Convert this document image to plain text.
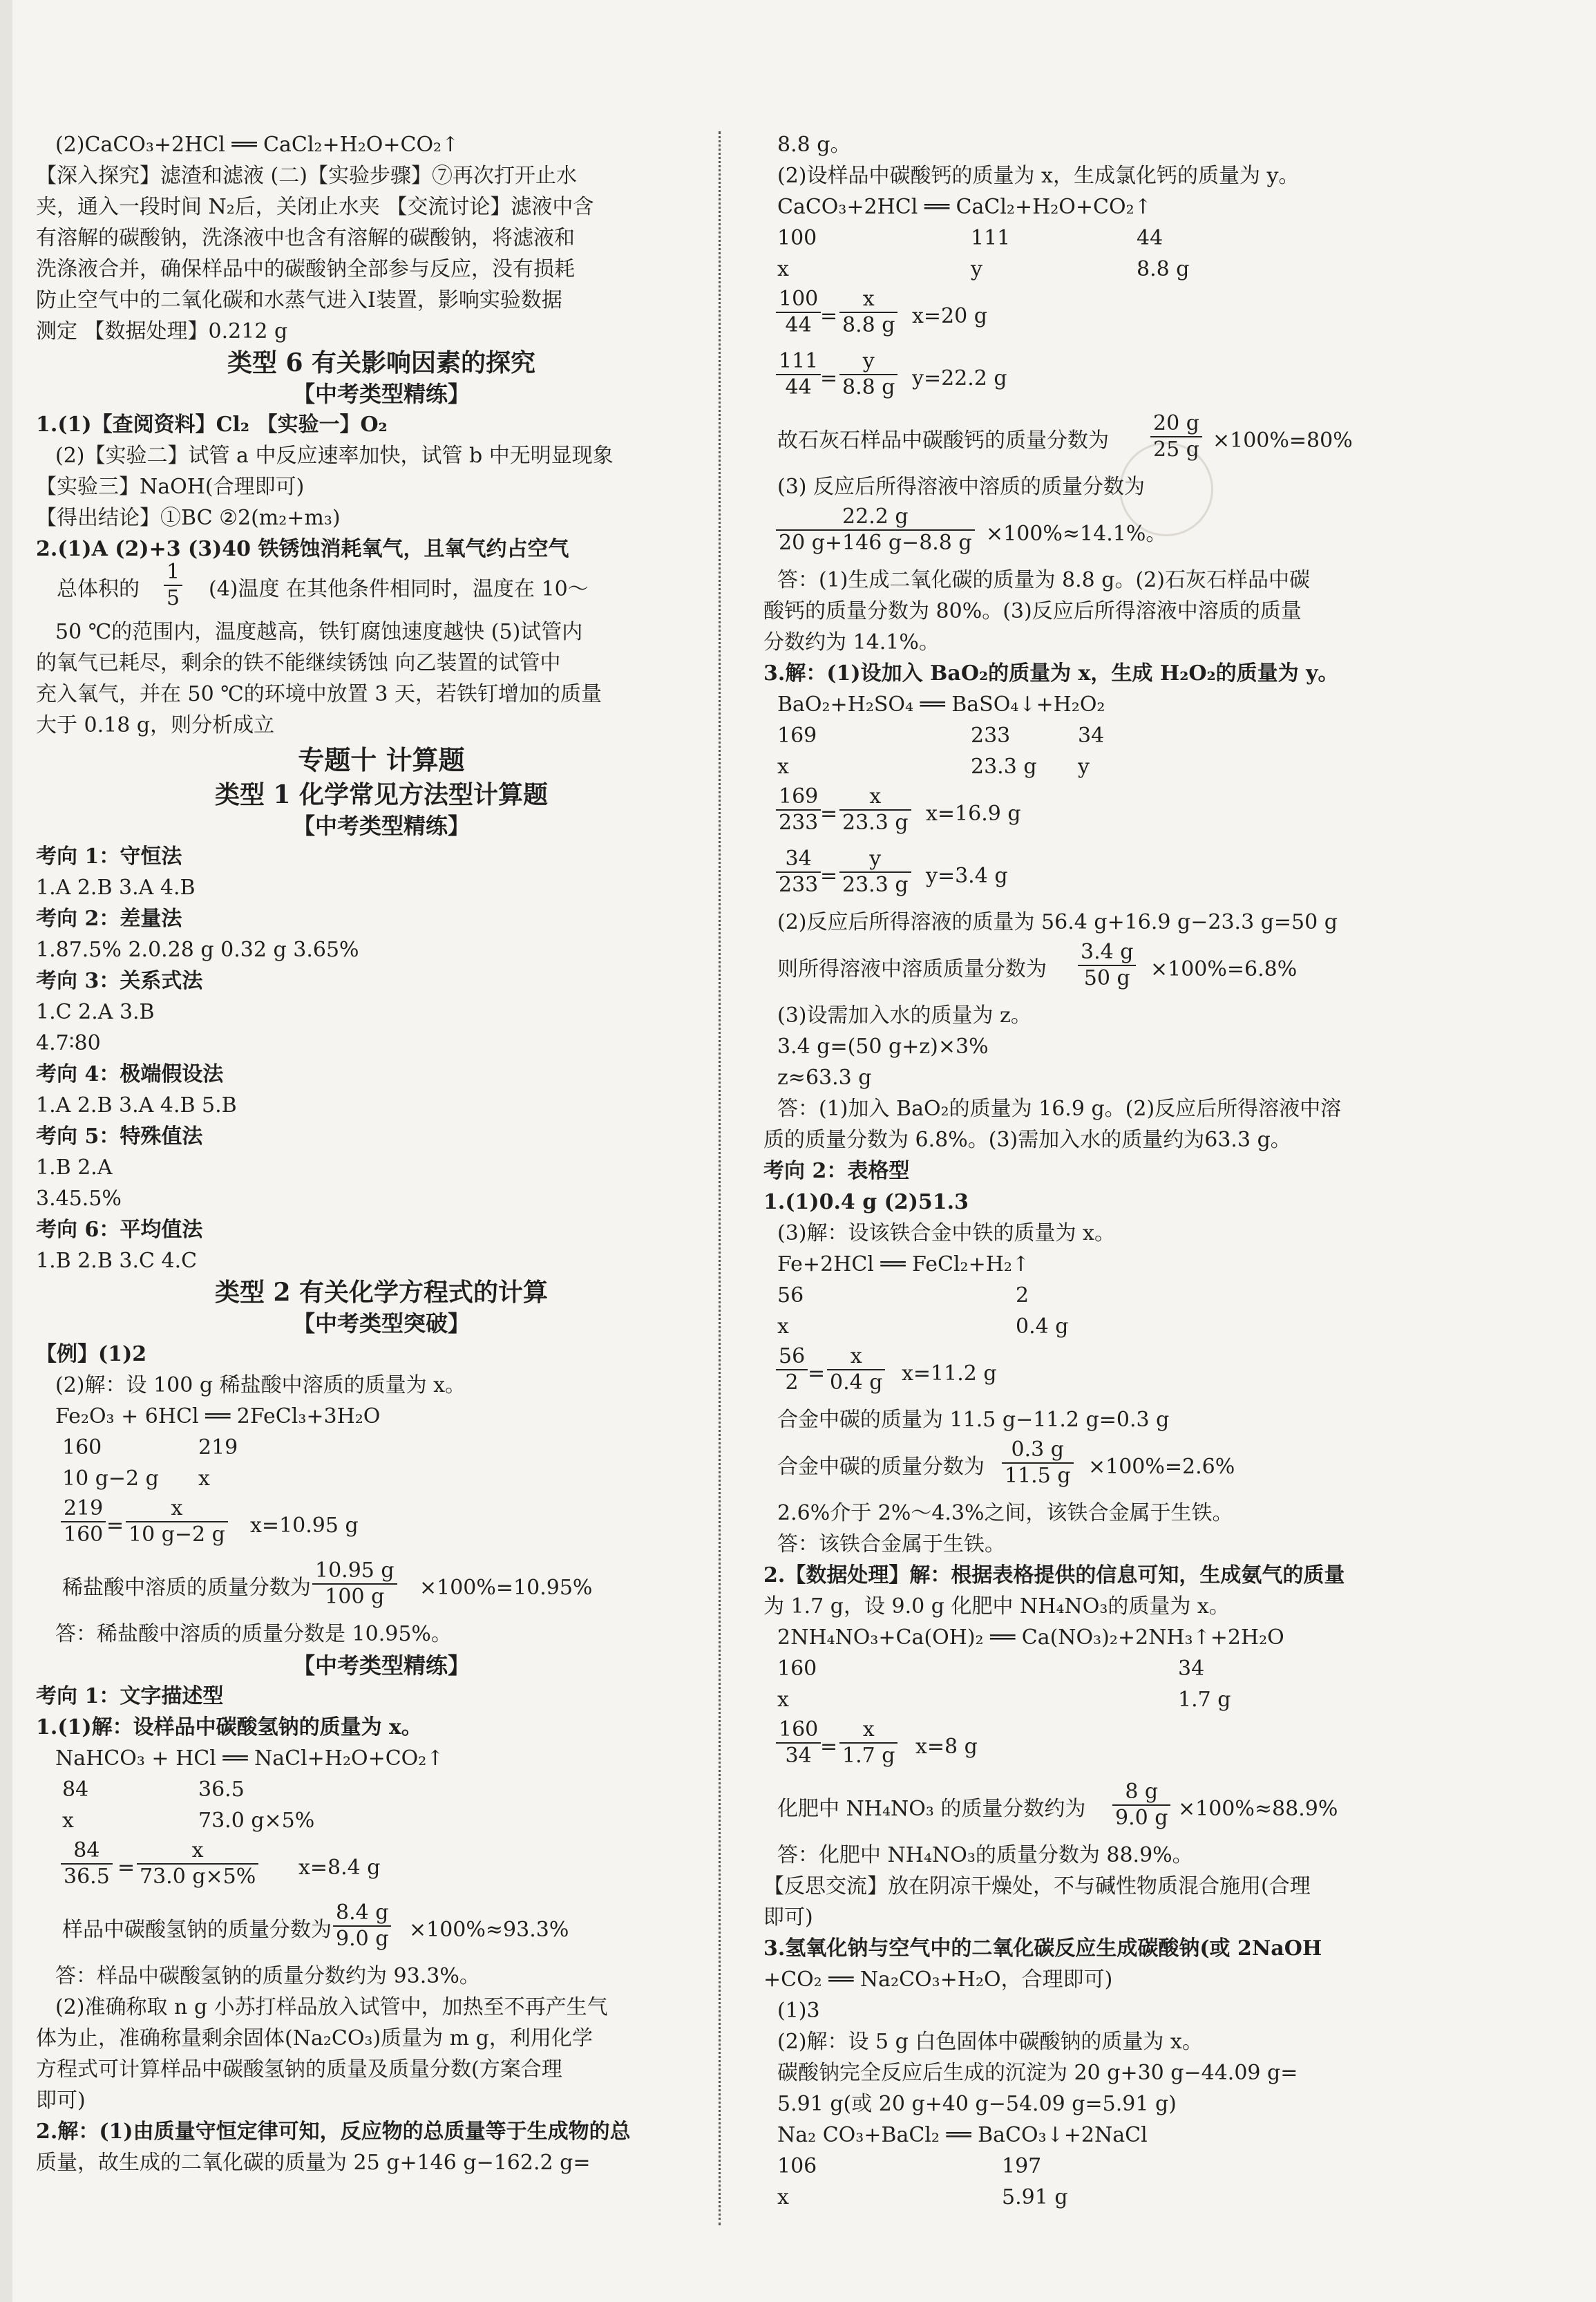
(2)CaCO₃+2HCl ══ CaCl₂+H₂O+CO₂↑
【深入探究】滤渣和滤液 (二)【实验步骤】⑦再次打开止水
夹，通入一段时间 N₂后，关闭止水夹 【交流讨论】滤液中含
有溶解的碳酸钠，洗涤液中也含有溶解的碳酸钠，将滤液和
洗涤液合并，确保样品中的碳酸钠全部参与反应，没有损耗
防止空气中的二氧化碳和水蒸气进入Ⅰ装置，影响实验数据
测定 【数据处理】0.212 g
类型 6 有关影响因素的探究
【中考类型精练】
1.(1)【查阅资料】Cl₂ 【实验一】O₂
(2)【实验二】试管 a 中反应速率加快，试管 b 中无明显现象
【实验三】NaOH(合理即可)
【得出结论】①BC ②2(m₂+m₃)
2.(1)A (2)+3 (3)40 铁锈蚀消耗氧气，且氧气约占空气
总体积的 $\frac{1}{5} (4)$温度 在其他条件相同时，温度在 10～
50 ℃的范围内，温度越高，铁钉腐蚀速度越快 (5)试管内
的氧气已耗尽，剩余的铁不能继续锈蚀 向乙装置的试管中
充入氧气，并在 50 ℃的环境中放置 3 天，若铁钉增加的质量
大于 0.18 g，则分析成立
专题十 计算题
类型 1 化学常见方法型计算题
【中考类型精练】
考向 1：守恒法
1.A 2.B 3.A 4.B
考向 2：差量法
1.87.5% 2.0.28 g 0.32 g 3.65%
考向 3：关系式法
1.C 2.A 3.B
4.7∶80
考向 4：极端假设法
1.A 2.B 3.A 4.B 5.B
考向 5：特殊值法
1.B 2.A
3.45.5%
考向 6：平均值法
1.B 2.B 3.C 4.C
类型 2 有关化学方程式的计算
【中考类型突破】
【例】(1)2
(2)解：设 100 g 稀盐酸中溶质的质量为 x。
Fe₂O₃ + 6HCl ══ 2FeCl₃+3H₂O
160	219
10 g−2 g x
$\frac{219}{160} = \frac{x}{10 g-2 g} x=10.95$ g
稀盐酸中溶质的质量分数为 $\frac{10.95 g}{100 g} \times 100\%=10.95\%$
答：稀盐酸中溶质的质量分数是 10.95%。
【中考类型精练】
考向 1：文字描述型
1.(1)解：设样品中碳酸氢钠的质量为 x。
NaHCO₃ + HCl ══ NaCl+H₂O+CO₂↑
84	36.5
x	73.0 g×5%
$\frac{84}{36.5} = \frac{x}{73.0 g\times 5\%} x=8.4$ g
样品中碳酸氢钠的质量分数为 $\frac{8.4 g}{9.0 g} \times 100\%\approx 93.3\%$
答：样品中碳酸氢钠的质量分数约为 93.3%。
(2)准确称取 n g 小苏打样品放入试管中，加热至不再产生气
体为止，准确称量剩余固体(Na₂CO₃)质量为 m g，利用化学
方程式可计算样品中碳酸氢钠的质量及质量分数(方案合理
即可)
2.解：(1)由质量守恒定律可知，反应物的总质量等于生成物的总
质量，故生成的二氧化碳的质量为 25 g+146 g−162.2 g=
8.8 g。
(2)设样品中碳酸钙的质量为 x，生成氯化钙的质量为 y。
CaCO₃+2HCl ══ CaCl₂+H₂O+CO₂↑
100	111	44
x	y	8.8 g
$\frac{100}{44}$
= $\frac{x}{8.8 g} x=20$ g
$\frac{111}{44}$
= $\frac{y}{8.8 g} y=22.2$ g
故石灰石样品中碳酸钙的质量分数为 $\frac{20 g}{25 g} \times 100\%=80\%$
(3) 反应后所得溶液中溶质的质量分数为
$\frac{22.2 g}{20 g+146 g-8.8 g} \times 100\%\approx 14.1\%$。
答：(1)生成二氧化碳的质量为 8.8 g。(2)石灰石样品中碳
酸钙的质量分数为 80%。(3)反应后所得溶液中溶质的质量
分数约为 14.1%。
3.解：(1)设加入 BaO₂的质量为 x，生成 H₂O₂的质量为 y。
BaO₂+H₂SO₄ ══ BaSO₄↓+H₂O₂
169	233	34
x	23.3 g y
$\frac{169}{233}$
= $\frac{x}{23.3 g} x=16.9$ g
$\frac{34}{233}$
= $\frac{y}{23.3 g} y=3.4$ g
(2)反应后所得溶液的质量为 56.4 g+16.9 g−23.3 g=50 g
则所得溶液中溶质质量分数为 $\frac{3.4 g}{50 g} \times 100\%=6.8\%$
(3)设需加入水的质量为 z。
3.4 g=(50 g+z)×3%
z≈63.3 g
答：(1)加入 BaO₂的质量为 16.9 g。(2)反应后所得溶液中溶
质的质量分数为 6.8%。(3)需加入水的质量约为63.3 g。
考向 2：表格型
1.(1)0.4 g (2)51.3
(3)解：设该铁合金中铁的质量为 x。
Fe+2HCl ══ FeCl₂+H₂↑
56	2
x	0.4 g
$\frac{56}{2} = \frac{x}{0.4 g} x=11.2$ g
合金中碳的质量为 11.5 g−11.2 g=0.3 g
合金中碳的质量分数为 $\frac{0.3 g}{11.5 g} \times 100\%=2.6\%$
2.6%介于 2%～4.3%之间，该铁合金属于生铁。
答：该铁合金属于生铁。
2.【数据处理】解：根据表格提供的信息可知，生成氨气的质量
为 1.7 g，设 9.0 g 化肥中 NH₄NO₃的质量为 x。
2NH₄NO₃+Ca(OH)₂ ══ Ca(NO₃)₂+2NH₃↑+2H₂O
160	34
x	1.7 g
$\frac{160}{34}$
= $\frac{x}{1.7 g} x=8$ g
化肥中 NH₄NO₃ 的质量分数约为 $\frac{8 g}{9.0 g} \times 100\%\approx 88.9\%$
答：化肥中 NH₄NO₃的质量分数为 88.9%。
【反思交流】放在阴凉干燥处，不与碱性物质混合施用(合理
即可)
3.氢氧化钠与空气中的二氧化碳反应生成碳酸钠(或 2NaOH
+CO₂ ══ Na₂CO₃+H₂O，合理即可)
(1)3
(2)解：设 5 g 白色固体中碳酸钠的质量为 x。
碳酸钠完全反应后生成的沉淀为 20 g+30 g−44.09 g=
5.91 g(或 20 g+40 g−54.09 g=5.91 g)
Na₂ CO₃+BaCl₂ ══ BaCO₃↓+2NaCl
106	197
x	5.91 g
